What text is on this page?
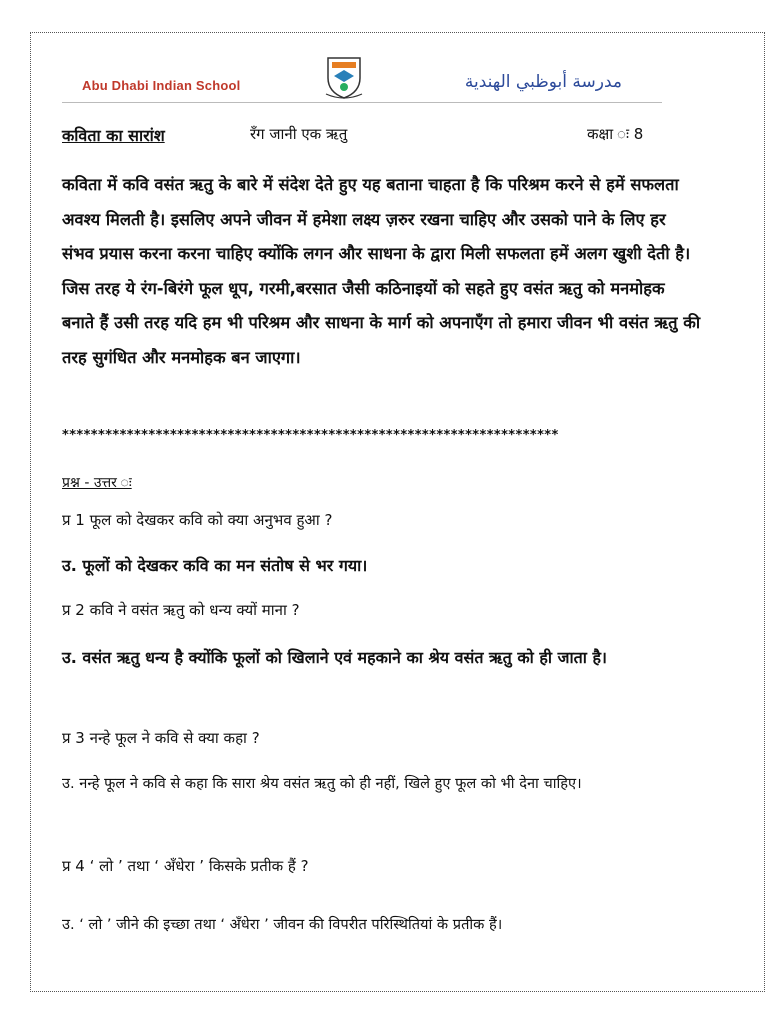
Abu Dhabi Indian School	مدرسة أبوظبي الهندية
कविता का सारांश	रँग जानी एक ऋतु	कक्षा ः 8
कविता में कवि वसंत ऋतु के बारे में संदेश देते हुए यह बताना चाहता है कि परिश्रम करने से हमें सफलता अवश्य मिलती है। इसलिए अपने जीवन में हमेशा लक्ष्य ज़रुर रखना चाहिए और उसको पाने के लिए हर संभव प्रयास करना करना चाहिए क्योंकि लगन और साधना के द्वारा मिली सफलता हमें अलग खुशी देती है। जिस तरह ये रंग-बिरंगे फूल धूप, गरमी,बरसात जैसी कठिनाइयों को सहते हुए वसंत ऋतु को मनमोहक बनाते हैं उसी तरह यदि हम भी परिश्रम और साधना के मार्ग को अपनाएँग तो हमारा जीवन भी वसंत ऋतु की तरह सुगंधित और मनमोहक बन जाएगा।
*********************************************************************
प्रश्न - उत्तर ः
प्र 1 फूल को देखकर कवि को क्या अनुभव हुआ ?
उ. फूलों को देखकर कवि का मन संतोष से भर गया।
प्र 2 कवि ने वसंत ऋतु को धन्य क्यों माना ?
उ. वसंत ऋतु धन्य है क्योंकि फूलों को खिलाने एवं महकाने का श्रेय वसंत ऋतु को ही जाता है।
प्र 3 नन्हे फूल ने कवि से क्या कहा ?
उ. नन्हे फूल ने कवि से कहा कि सारा श्रेय वसंत ऋतु को ही नहीं, खिले हुए फूल को भी देना चाहिए।
प्र 4 ‘ लो ’ तथा ‘ अँधेरा ’ किसके प्रतीक हैं ?
उ. ‘ लो ’ जीने की इच्छा तथा ‘ अँधेरा ’ जीवन की विपरीत परिस्थितियां के प्रतीक हैं।
